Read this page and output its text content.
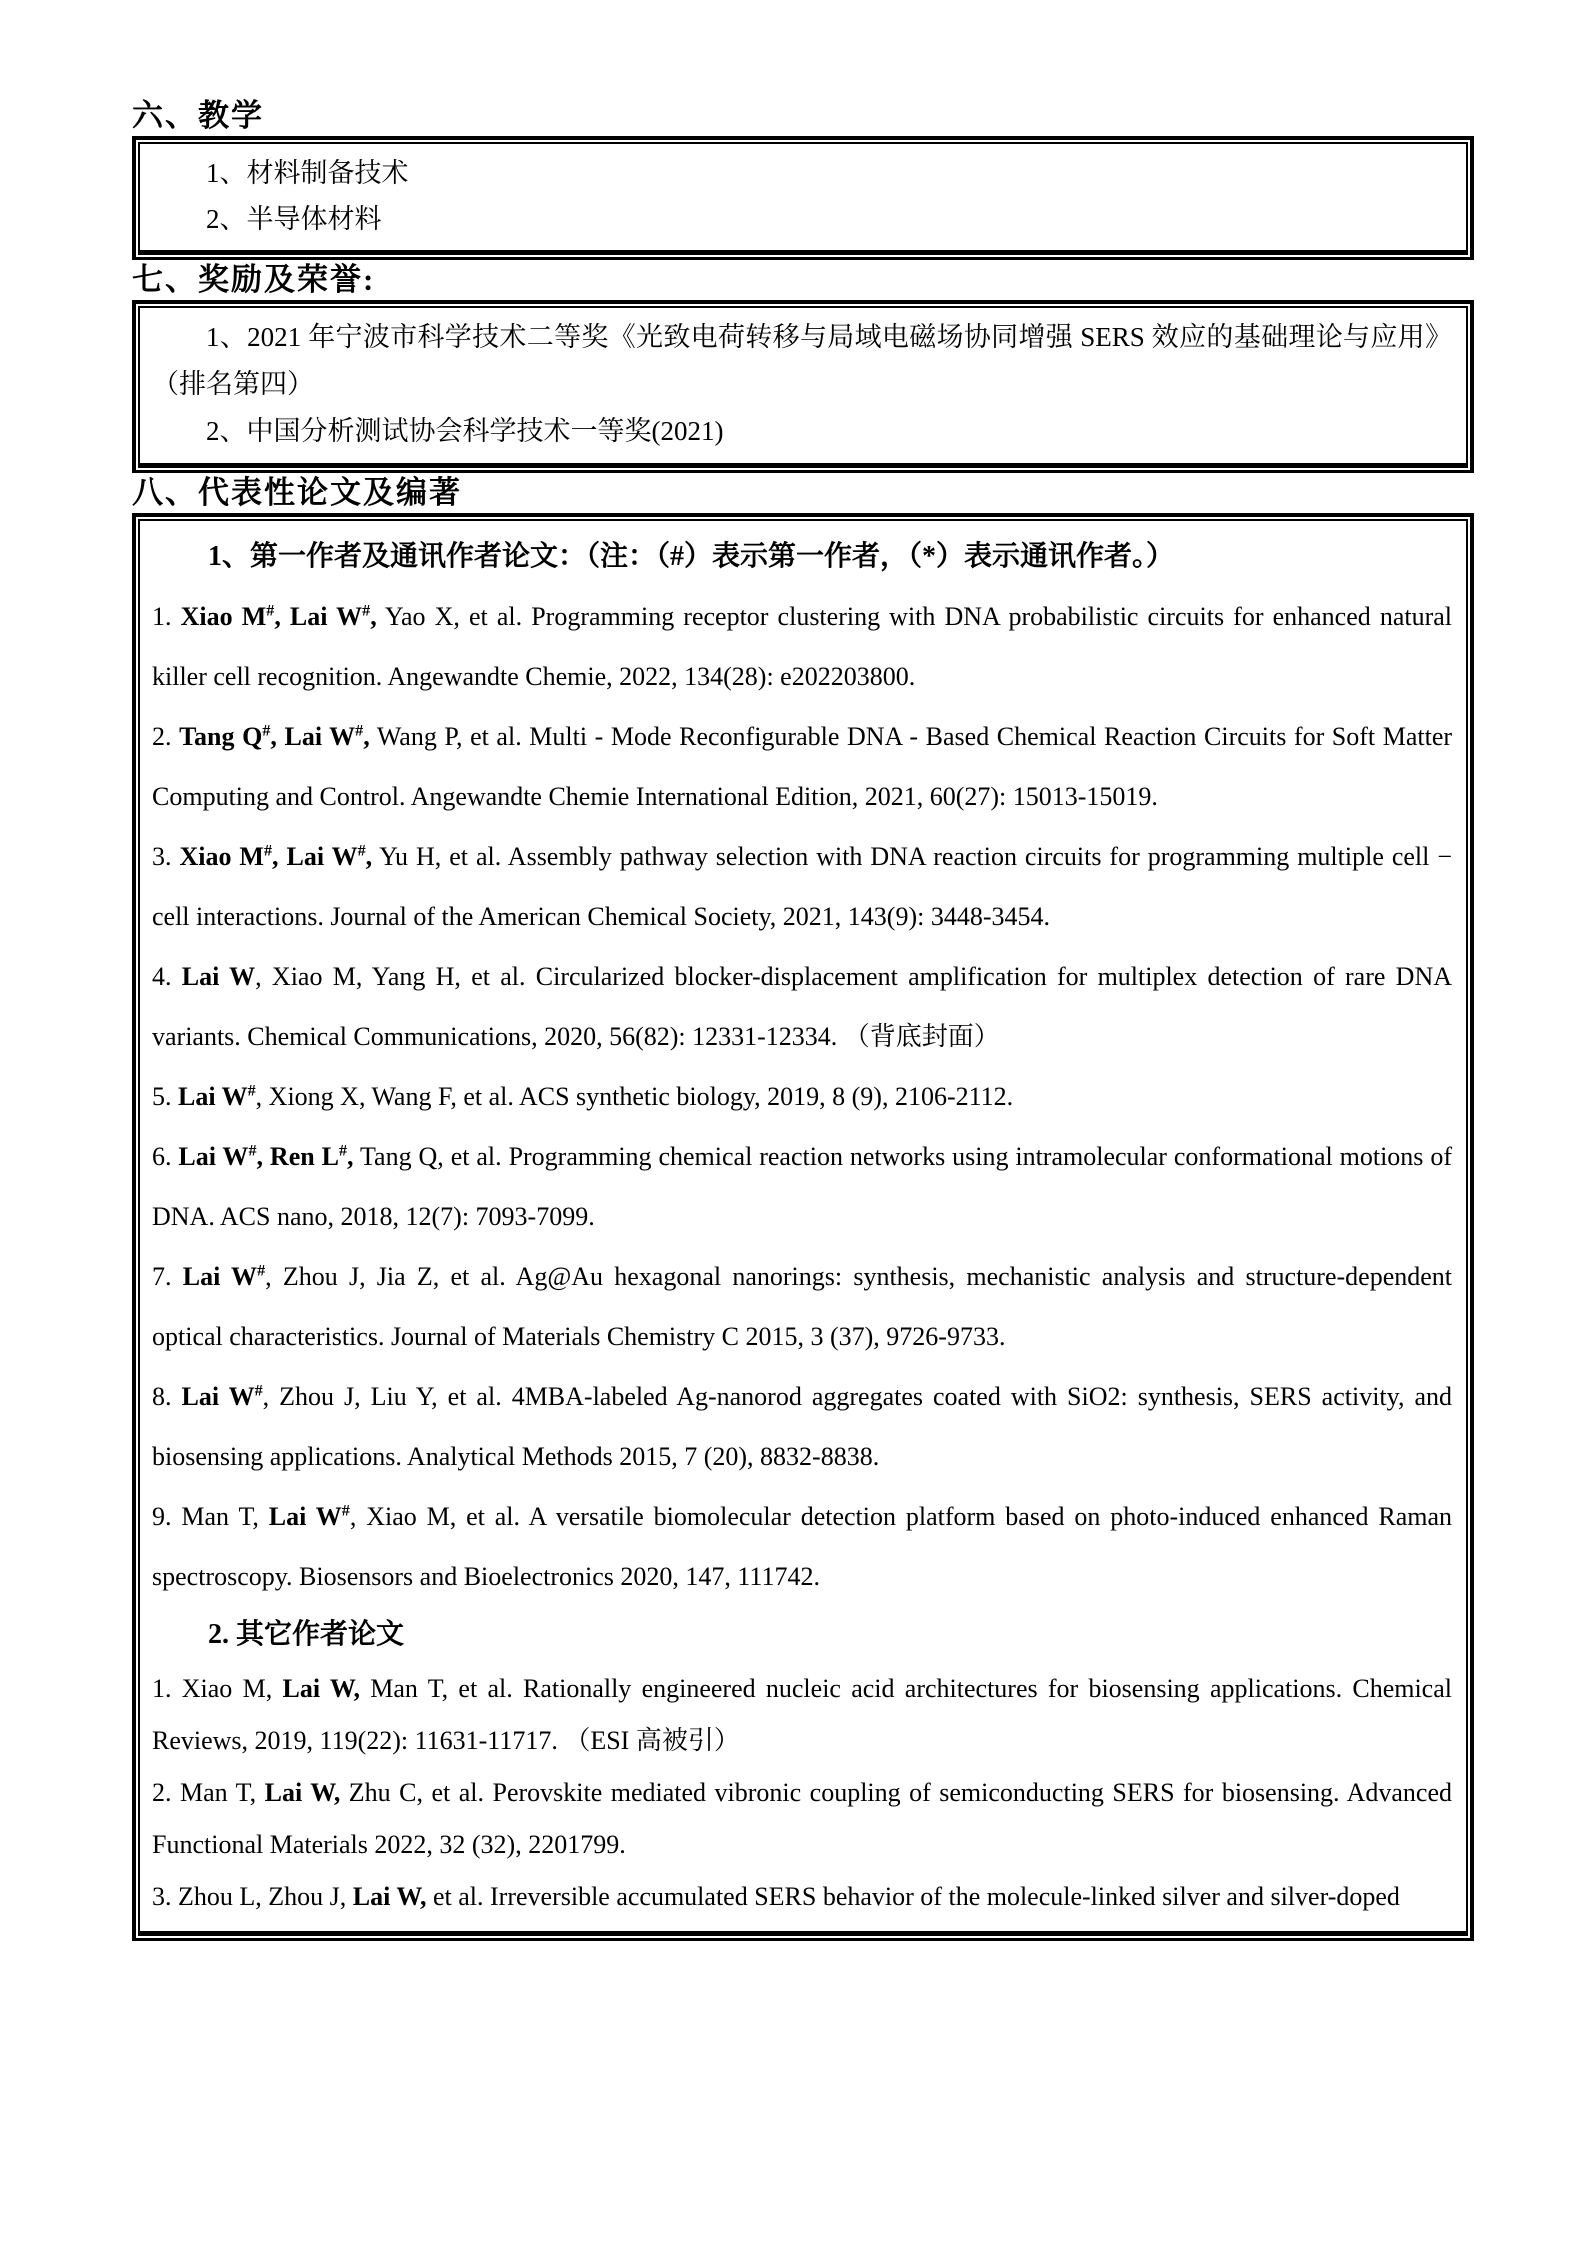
六、教学

1、材料制备技术

2、半导体材料

七、奖励及荣誉:

1、2021 年宁波市科学技术二等奖《光致电荷转移与局域电磁场协同增强 SERS 效应的基础理论与应用》（排名第四）

2、中国分析测试协会科学技术一等奖(2021)

八、代表性论文及编著

1、第一作者及通讯作者论文：（注：（#）表示第一作者，（*）表示通讯作者。）

1. Xiao M#, Lai W#, Yao X, et al. Programming receptor clustering with DNA probabilistic circuits for enhanced natural killer cell recognition. Angewandte Chemie, 2022, 134(28): e202203800.

2. Tang Q#, Lai W#, Wang P, et al. Multi ‐ Mode Reconfigurable DNA ‐ Based Chemical Reaction Circuits for Soft Matter Computing and Control. Angewandte Chemie International Edition, 2021, 60(27): 15013-15019.

3. Xiao M#, Lai W#, Yu H, et al. Assembly pathway selection with DNA reaction circuits for programming multiple cell − cell interactions. Journal of the American Chemical Society, 2021, 143(9): 3448-3454.

4. Lai W, Xiao M, Yang H, et al. Circularized blocker-displacement amplification for multiplex detection of rare DNA variants. Chemical Communications, 2020, 56(82): 12331-12334. （背底封面）

5. Lai W#, Xiong X, Wang F, et al. ACS synthetic biology, 2019, 8 (9), 2106-2112.

6. Lai W#, Ren L#, Tang Q, et al. Programming chemical reaction networks using intramolecular conformational motions of DNA. ACS nano, 2018, 12(7): 7093-7099.

7. Lai W#, Zhou J, Jia Z, et al. Ag@Au hexagonal nanorings: synthesis, mechanistic analysis and structure-dependent optical characteristics. Journal of Materials Chemistry C 2015, 3 (37), 9726-9733.

8. Lai W#, Zhou J, Liu Y, et al. 4MBA-labeled Ag-nanorod aggregates coated with SiO2: synthesis, SERS activity, and biosensing applications. Analytical Methods 2015, 7 (20), 8832-8838.

9. Man T, Lai W#, Xiao M, et al. A versatile biomolecular detection platform based on photo-induced enhanced Raman spectroscopy. Biosensors and Bioelectronics 2020, 147, 111742.

2. 其它作者论文

1. Xiao M, Lai W, Man T, et al. Rationally engineered nucleic acid architectures for biosensing applications. Chemical Reviews, 2019, 119(22): 11631-11717. （ESI 高被引）

2. Man T, Lai W, Zhu C, et al. Perovskite mediated vibronic coupling of semiconducting SERS for biosensing. Advanced Functional Materials 2022, 32 (32), 2201799.

3. Zhou L, Zhou J, Lai W, et al. Irreversible accumulated SERS behavior of the molecule-linked silver and silver-doped
